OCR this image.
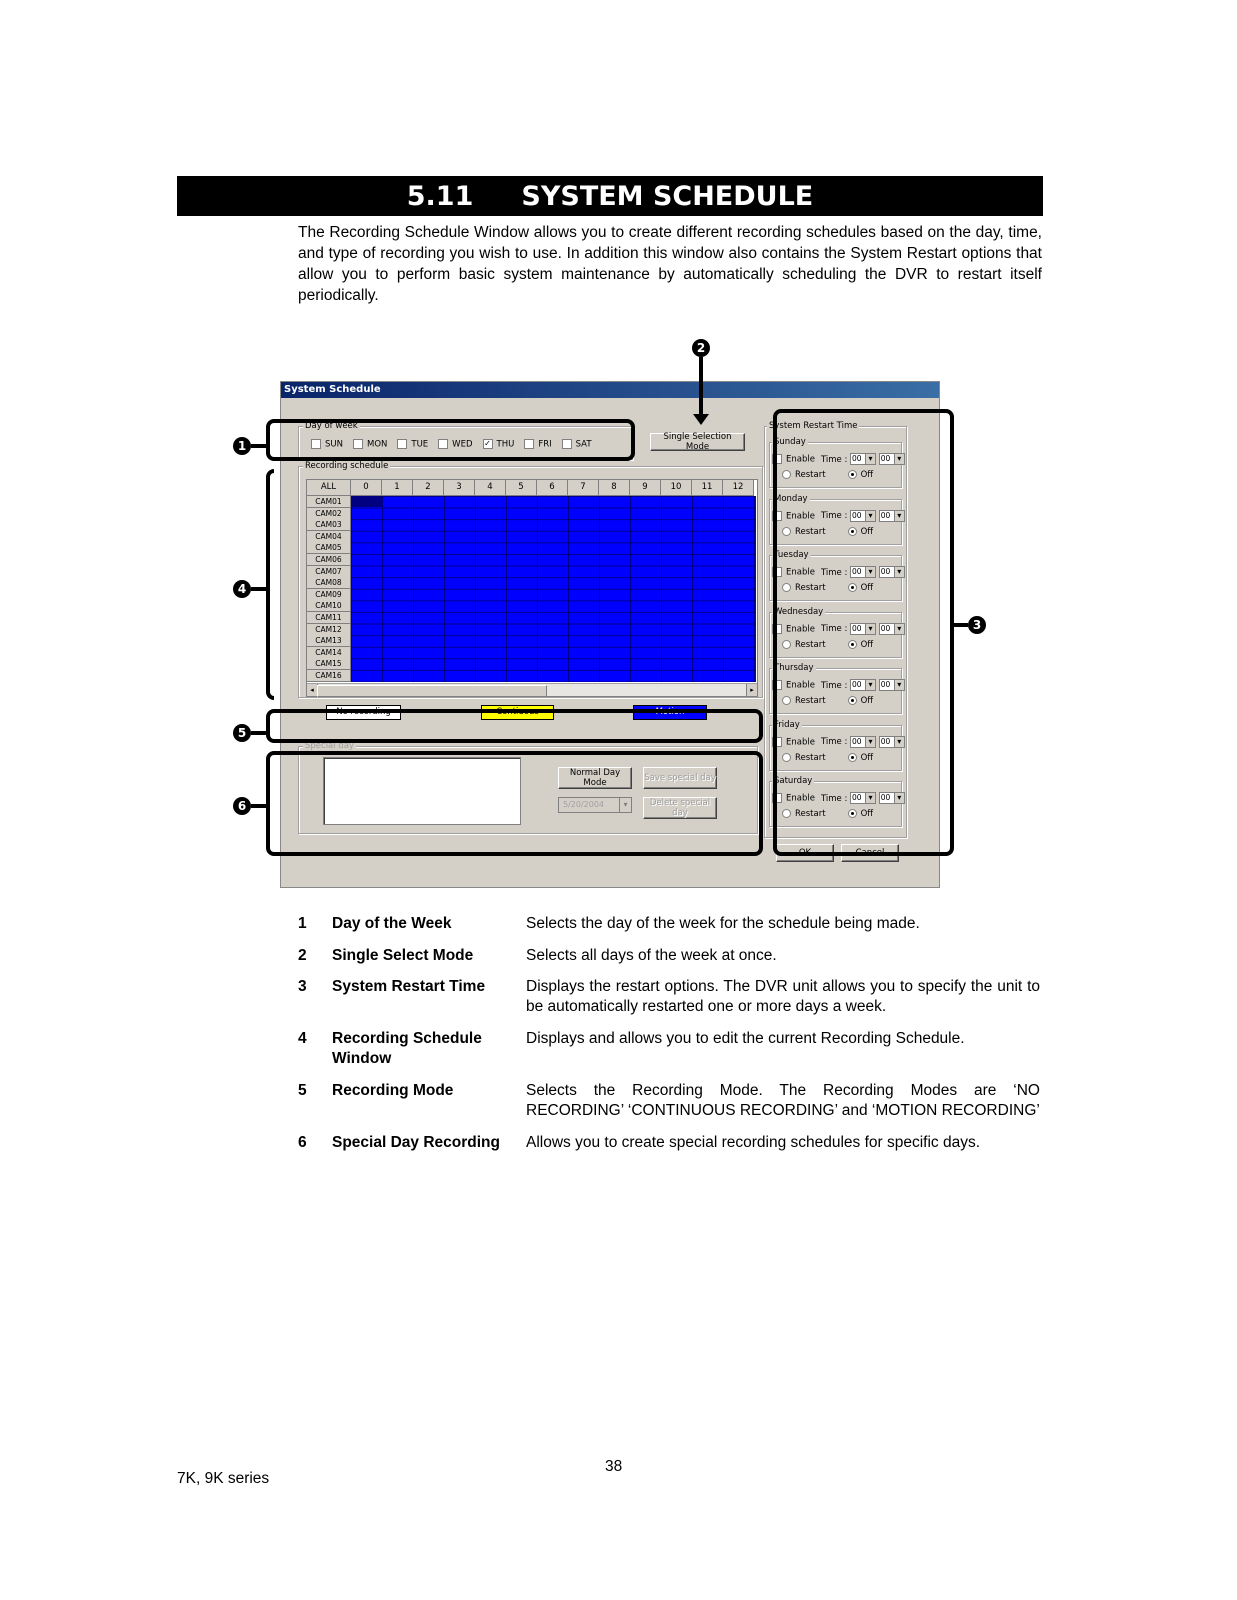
5.11 SYSTEM SCHEDULE
The Recording Schedule Window allows you to create different recording schedules based on the day, time, and type of recording you wish to use. In addition this window also contains the System Restart options that allow you to perform basic system maintenance by automatically scheduling the DVR to restart itself periodically.
System Schedule
Day of week
SUN	MON	TUE	WED ✓ THU	FRI	SAT
Single Selection Mode
Recording schedule
ALL
◂	▸
0	1	2	3	4	5	6	7	8	9	10	11	12
CAM01
CAM02
CAM03
CAM04
CAM05
CAM06
CAM07
CAM08
CAM09
CAM10
CAM11
CAM12
CAM13
CAM14
CAM15
CAM16
No recording	Contiuous	Motion
Special day
Normal Day Mode	Save special day
5/20/2004	▾	Delete special day
System Restart Time
OK	Cancel
Sunday
Enable Time : 00 ▾	00 ▾
Restart	Off
Monday
Enable Time : 00 ▾	00 ▾
Restart	Off
Tuesday
Enable Time : 00 ▾	00 ▾
Restart	Off
Wednesday
Enable Time : 00 ▾	00 ▾
Restart	Off
Thursday
Enable Time : 00 ▾	00 ▾
Restart	Off
Friday
Enable Time : 00 ▾	00 ▾
Restart	Off
Saturday
Enable Time : 00 ▾	00 ▾
Restart	Off
1
2
3
4
5
6
1 Day of the Week	Selects the day of the week for the schedule being made.
2 Single Select Mode	Selects all days of the week at once.
3 System Restart Time	Displays the restart options. The DVR unit allows you to specify the unit to be automatically restarted one or more days a week.
4 Recording Schedule Window
Displays and allows you to edit the current Recording Schedule.
5 Recording Mode	Selects the Recording Mode. The Recording Modes are ‘NO RECORDING’ ‘CONTINUOUS RECORDING’ and ‘MOTION RECORDING’
6 Special Day Recording	Allows you to create special recording schedules for specific days.
7K, 9K series
38
